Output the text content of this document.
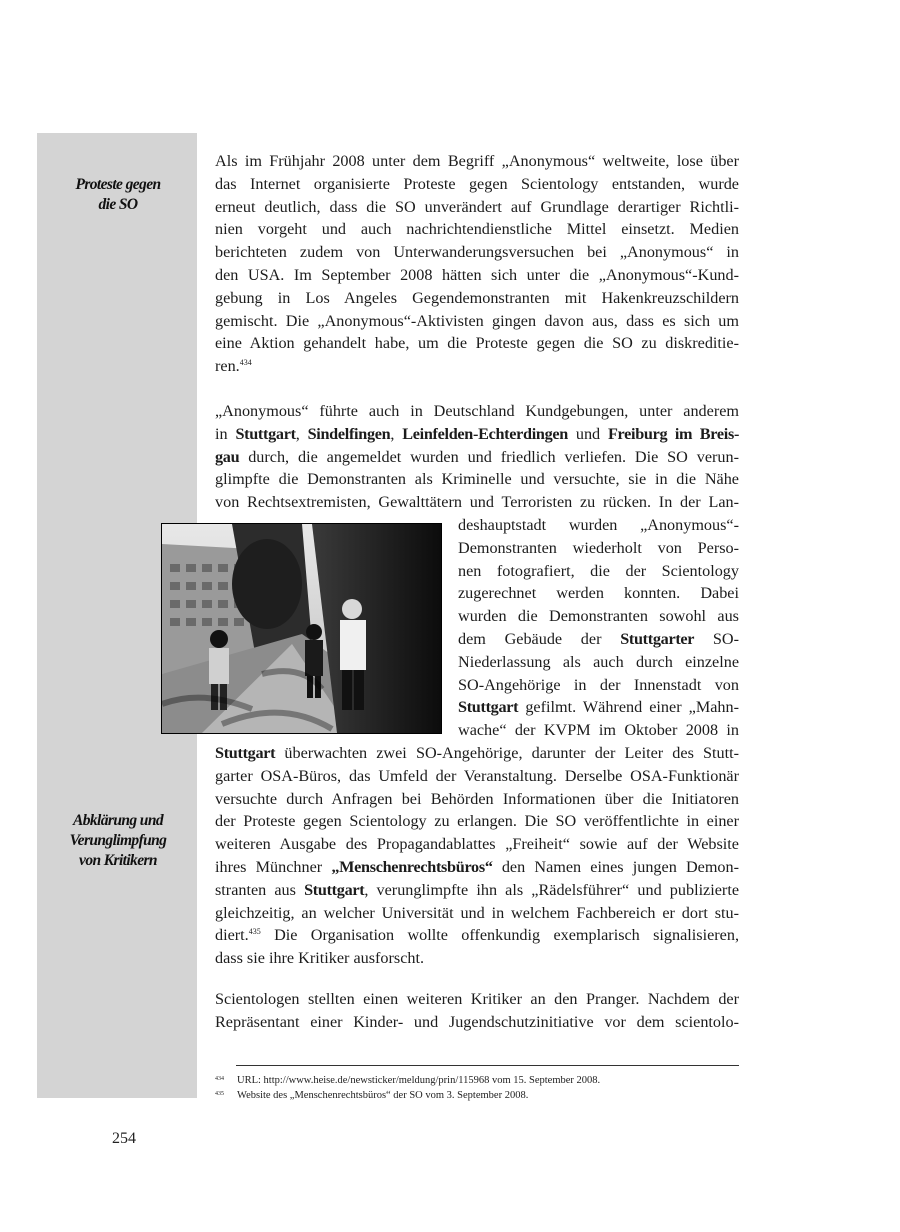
Proteste gegen
die SO
Abklärung und
Verunglimpfung
von Kritikern
Als im Frühjahr 2008 unter dem Begriff „Anonymous“ weltweite, lose über
das Internet organisierte Proteste gegen Scientology entstanden, wurde
erneut deutlich, dass die SO unverändert auf Grundlage derartiger Richtli-
nien vorgeht und auch nachrichtendienstliche Mittel einsetzt. Medien
berichteten zudem von Unterwanderungsversuchen bei „Anonymous“ in
den USA. Im September 2008 hätten sich unter die „Anonymous“-Kund-
gebung in Los Angeles Gegendemonstranten mit Hakenkreuzschildern
gemischt. Die „Anonymous“-Aktivisten gingen davon aus, dass es sich um
eine Aktion gehandelt habe, um die Proteste gegen die SO zu diskreditie-
ren.$^{434}$
„Anonymous“ führte auch in Deutschland Kundgebungen, unter anderem
in Stuttgart, Sindelfingen, Leinfelden-Echterdingen und Freiburg im Breis-
gau durch, die angemeldet wurden und friedlich verliefen. Die SO verun-
glimpfte die Demonstranten als Kriminelle und versuchte, sie in die Nähe
von Rechtsextremisten, Gewalttätern und Terroristen zu rücken. In der Lan-
deshauptstadt wurden „Anonymous“-
Demonstranten wiederholt von Perso-
nen fotografiert, die der Scientology
zugerechnet werden konnten. Dabei
wurden die Demonstranten sowohl aus
dem Gebäude der Stuttgarter SO-
Niederlassung als auch durch einzelne
SO-Angehörige in der Innenstadt von
Stuttgart gefilmt. Während einer „Mahn-
wache“ der KVPM im Oktober 2008 in
Stuttgart überwachten zwei SO-Angehörige, darunter der Leiter des Stutt-
garter OSA-Büros, das Umfeld der Veranstaltung. Derselbe OSA-Funktionär
versuchte durch Anfragen bei Behörden Informationen über die Initiatoren
der Proteste gegen Scientology zu erlangen. Die SO veröffentlichte in einer
weiteren Ausgabe des Propagandablattes „Freiheit“ sowie auf der Website
ihres Münchner „Menschenrechtsbüros“ den Namen eines jungen Demon-
stranten aus Stuttgart, verunglimpfte ihn als „Rädelsführer“ und publizierte
gleichzeitig, an welcher Universität und in welchem Fachbereich er dort stu-
diert.$^{435}$ Die Organisation wollte offenkundig exemplarisch signalisieren,
dass sie ihre Kritiker ausforscht.
Scientologen stellten einen weiteren Kritiker an den Pranger. Nachdem der
Repräsentant einer Kinder- und Jugendschutzinitiative vor dem scientolo-
434 URL: http://www.heise.de/newsticker/meldung/prin/115968 vom 15. September 2008.
435 Website des „Menschenrechtsbüros“ der SO vom 3. September 2008.
254
